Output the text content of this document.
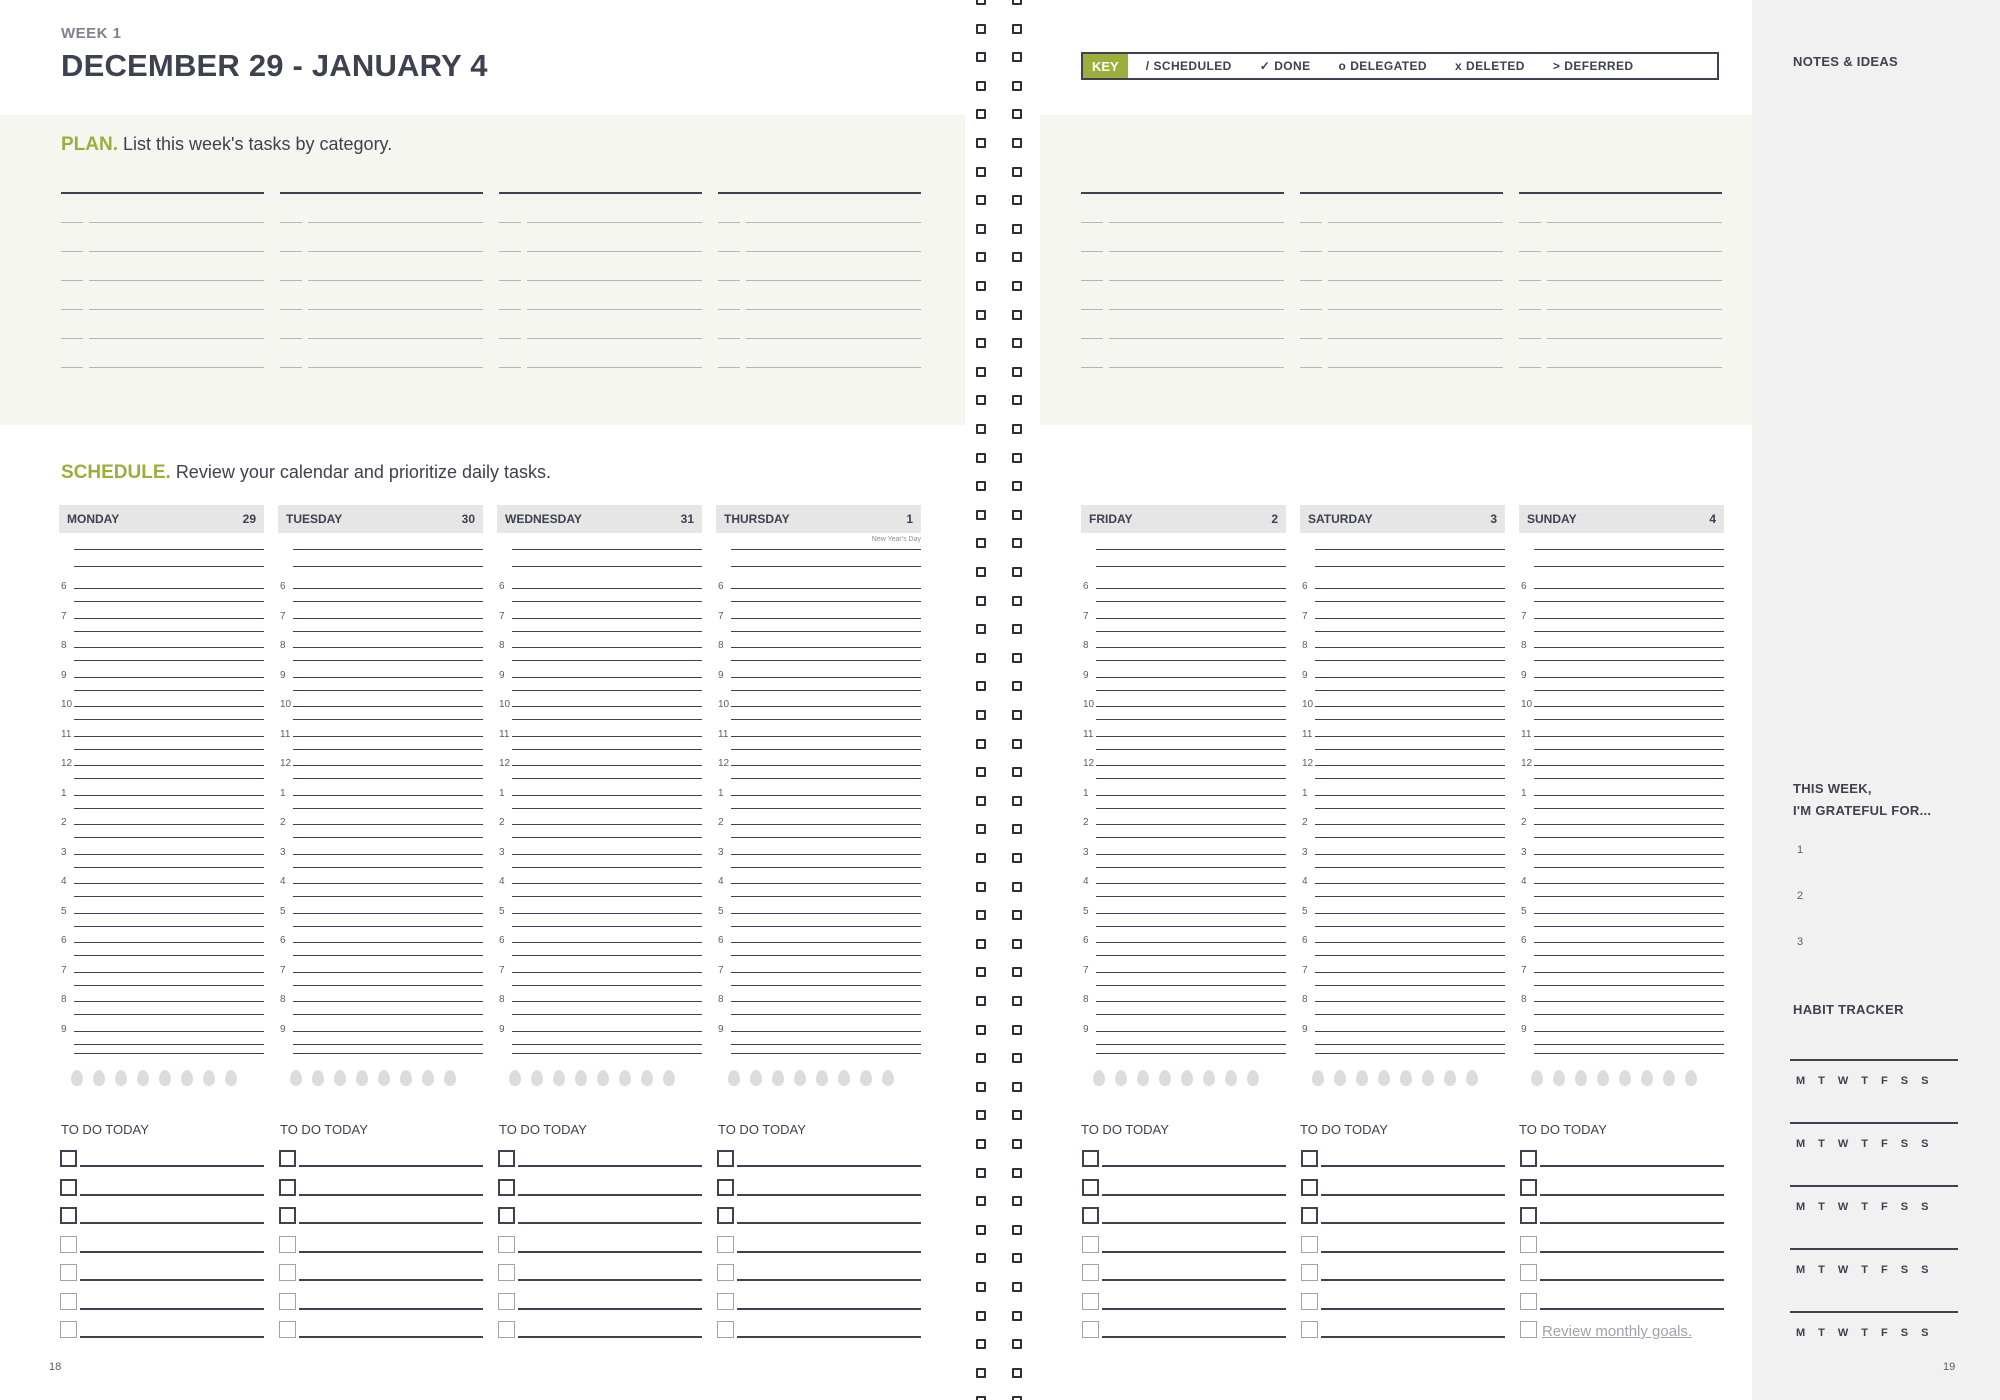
WEEK 1
DECEMBER 29 - JANUARY 4	KEY	/ SCHEDULED ✓ DONE o DELEGATED x DELETED > DEFERRED
PLAN. List this week's tasks by category.
SCHEDULE. Review your calendar and prioritize daily tasks.
MONDAY	29	TUESDAY	30	WEDNESDAY	31	THURSDAY	1	FRIDAY	2	SATURDAY	3	SUNDAY	4
New Year's Day
TO DO TODAY	TO DO TODAY	TO DO TODAY	TO DO TODAY	TO DO TODAY	TO DO TODAY	TO DO TODAY
Review monthly goals.
18	19
NOTES & IDEAS
THIS WEEK,
I'M GRATEFUL FOR...
1
2
3
HABIT TRACKER
M T W T F S S
M T W T F S S
M T W T F S S
M T W T F S S
M T W T F S S
6
7
8
9
10
11
12
1
2
3
4
5
6
7
8
9
6
7
8
9
10
11
12
1
2
3
4
5
6
7
8
9
6
7
8
9
10
11
12
1
2
3
4
5
6
7
8
9
6
7
8
9
10
11
12
1
2
3
4
5
6
7
8
9
6
7
8
9
10
11
12
1
2
3
4
5
6
7
8
9
6
7
8
9
10
11
12
1
2
3
4
5
6
7
8
9
6
7
8
9
10
11
12
1
2
3
4
5
6
7
8
9
